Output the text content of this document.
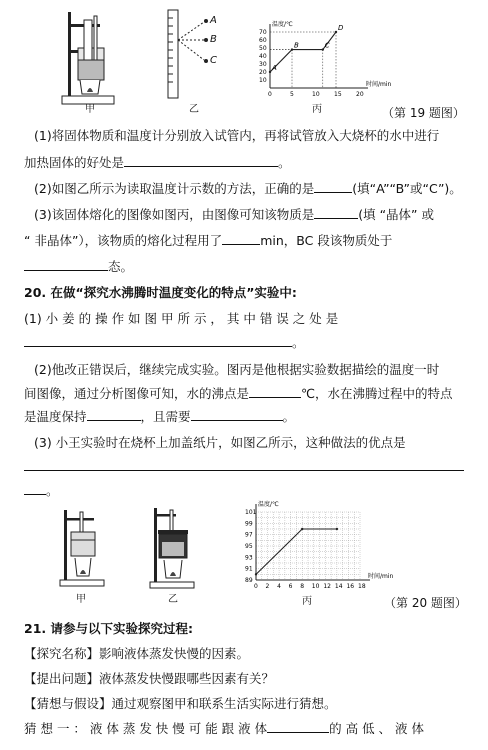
甲
A
B
C
乙
温度/℃
时间/min
0	5	10 15 20
10
20
30
40
50
60
70
A
B	C
D
丙	（第 19 题图）
(1)将固体物质和温度计分别放入试管内，再将试管放入大烧杯的水中进行
加热固体的好处是	。
(2)如图乙所示为读取温度计示数的方法，正确的是	(填“A”“B”或“C”)。
(3)该固体熔化的图像如图丙，由图像可知该物质是	(填 “晶体” 或
“ 非晶体”），该物质的熔化过程用了	min，BC 段该物质处于
态。
20. 在做“探究水沸腾时温度变化的特点”实验中:
(1) 小 姜 的 操 作 如 图 甲 所 示 ， 其 中 错 误 之 处 是
。
(2)他改正错误后，继续完成实验。图丙是他根据实验数据描绘的温度一时
间图像，通过分析图像可知，水的沸点是	℃，水在沸腾过程中的特点
是温度保持	，且需要	。
(3) 小王实验时在烧杯上加盖纸片，如图乙所示，这种做法的优点是
。
甲	乙
温度/℃
时间/min
0 2 4 6 8 10 12 14 16 18
89
91
93
95
97
99
101
丙	（第 20 题图）
21. 请参与以下实验探究过程:
【探究名称】影响液体蒸发快慢的因素。
【提出问题】液体蒸发快慢跟哪些因素有关？
【猜想与假设】通过观察图甲和联系生活实际进行猜想。
猜 想 一 ： 液 体 蒸 发 快 慢 可 能 跟 液 体	的 高 低 、 液 体
